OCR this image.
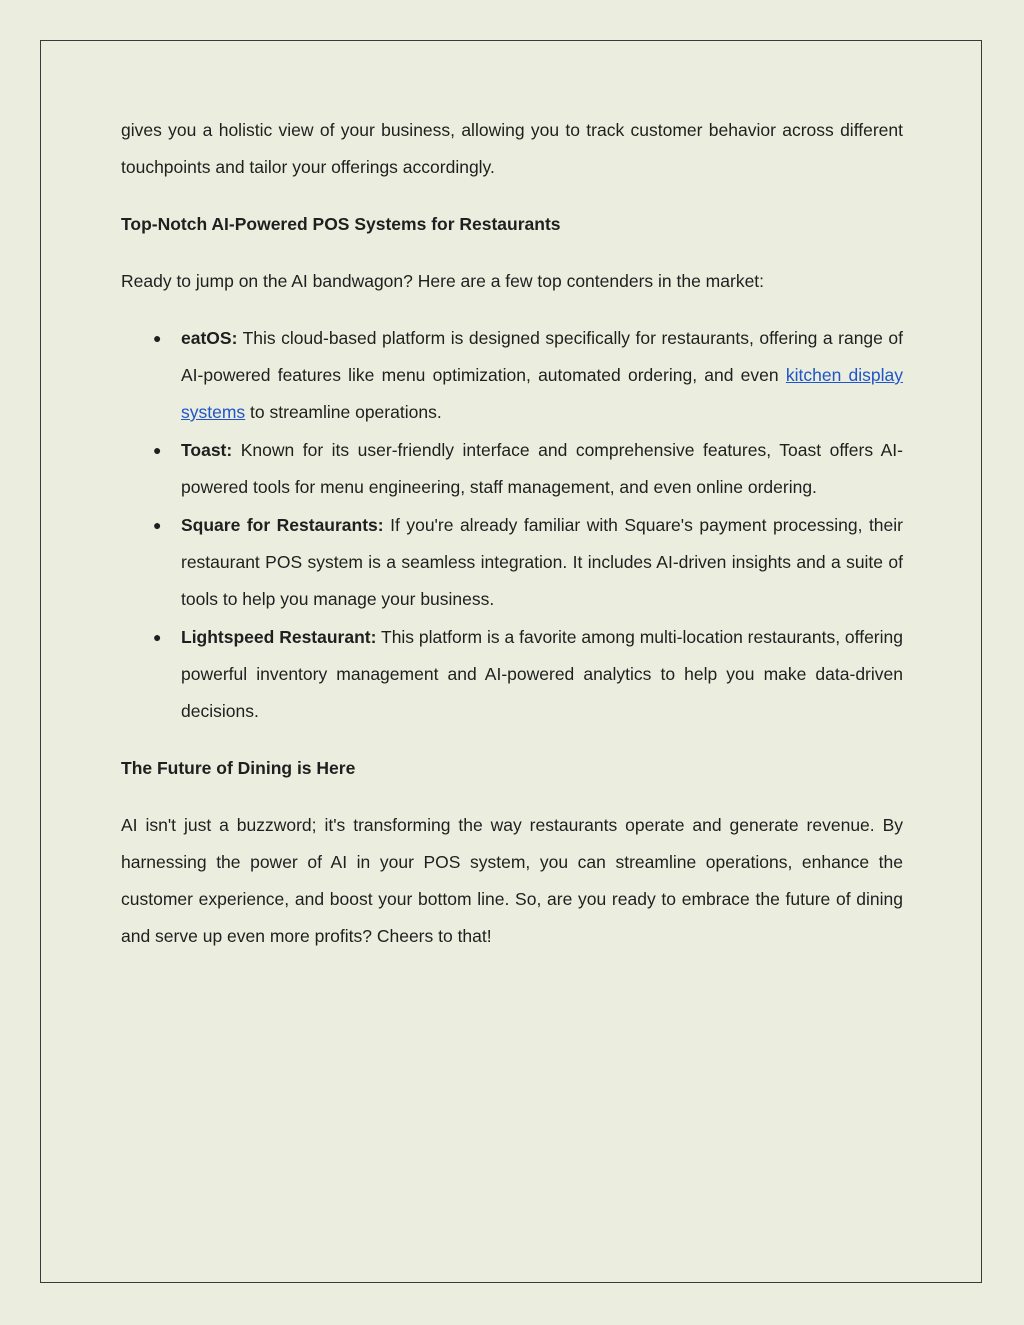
gives you a holistic view of your business, allowing you to track customer behavior across different touchpoints and tailor your offerings accordingly.

Top-Notch AI-Powered POS Systems for Restaurants

Ready to jump on the AI bandwagon? Here are a few top contenders in the market:

● eatOS: This cloud-based platform is designed specifically for restaurants, offering a range of AI-powered features like menu optimization, automated ordering, and even kitchen display systems to streamline operations.
● Toast: Known for its user-friendly interface and comprehensive features, Toast offers AI-powered tools for menu engineering, staff management, and even online ordering.
● Square for Restaurants: If you're already familiar with Square's payment processing, their restaurant POS system is a seamless integration. It includes AI-driven insights and a suite of tools to help you manage your business.
● Lightspeed Restaurant: This platform is a favorite among multi-location restaurants, offering powerful inventory management and AI-powered analytics to help you make data-driven decisions.

The Future of Dining is Here

AI isn't just a buzzword; it's transforming the way restaurants operate and generate revenue. By harnessing the power of AI in your POS system, you can streamline operations, enhance the customer experience, and boost your bottom line. So, are you ready to embrace the future of dining and serve up even more profits? Cheers to that!
